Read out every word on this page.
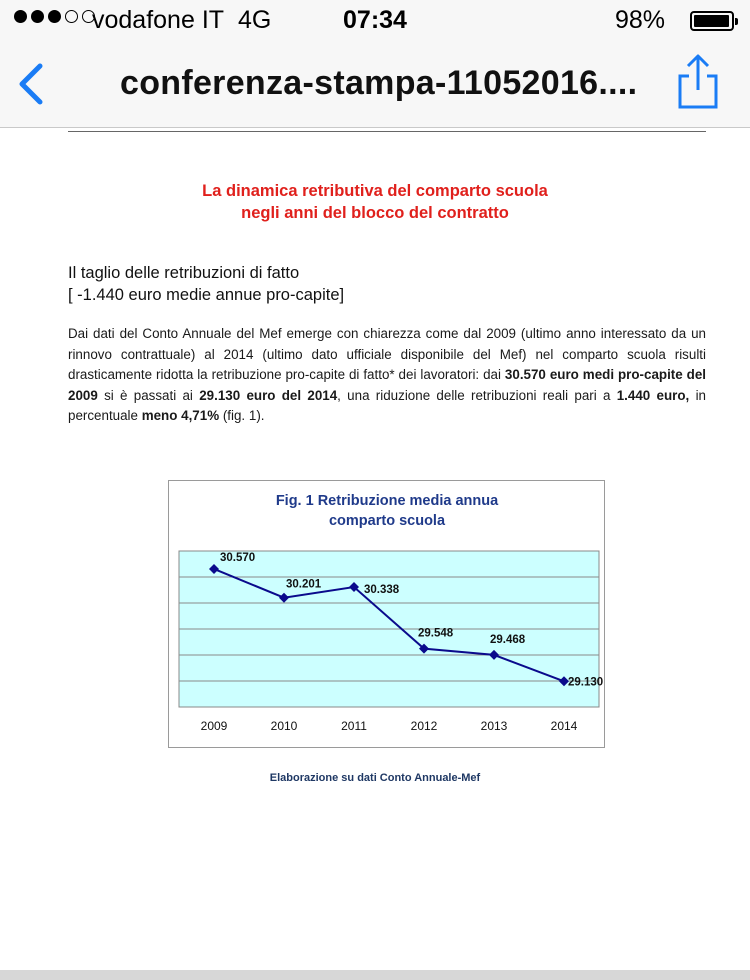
vodafone IT 4G	07:34	98%
conferenza-stampa-11052016....
La dinamica retributiva del comparto scuola
negli anni del blocco del contratto
Il taglio delle retribuzioni di fatto
[ -1.440 euro medie annue pro-capite]

Dai dati del Conto Annuale del Mef emerge con chiarezza come dal 2009 (ultimo anno interessato da un rinnovo contrattuale) al 2014 (ultimo dato ufficiale disponibile del Mef) nel comparto scuola risulti drasticamente ridotta la retribuzione pro-capite di fatto* dei lavoratori: dai 30.570 euro medi pro-capite del 2009 si è passati ai 29.130 euro del 2014, una riduzione delle retribuzioni reali pari a 1.440 euro, in percentuale meno 4,71% (fig. 1).

Fig. 1 Retribuzione media annua
comparto scuola
30.570
2009
30.201
2010
30.338
2011
29.548
2012
29.468
2013
29.130
2014
Elaborazione su dati Conto Annuale-Mef
